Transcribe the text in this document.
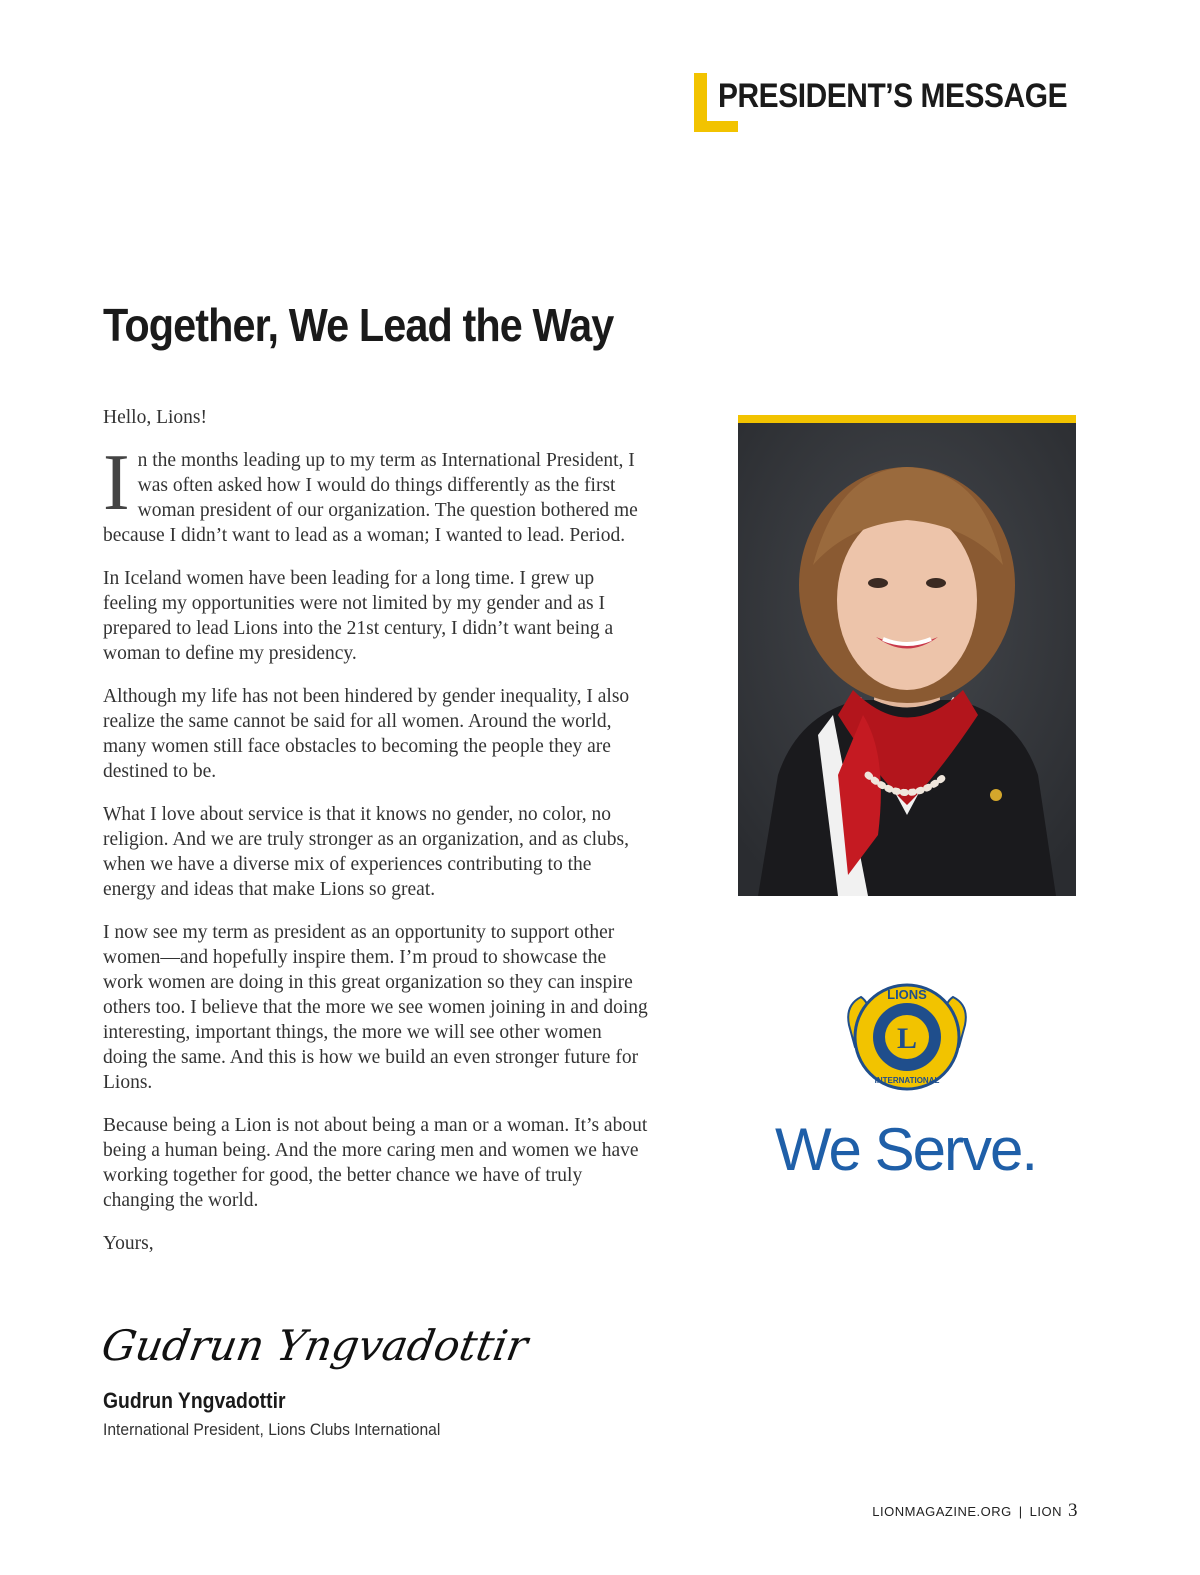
PRESIDENT’S MESSAGE
Together, We Lead the Way

Hello, Lions!

In the months leading up to my term as International President, I was often asked how I would do things differently as the first woman president of our organization. The question bothered me because I didn’t want to lead as a woman; I wanted to lead. Period.

In Iceland women have been leading for a long time. I grew up feeling my opportunities were not limited by my gender and as I prepared to lead Lions into the 21st century, I didn’t want being a woman to define my presidency.

Although my life has not been hindered by gender inequality, I also realize the same cannot be said for all women. Around the world, many women still face obstacles to becoming the people they are destined to be.

What I love about service is that it knows no gender, no color, no religion. And we are truly stronger as an organization, and as clubs, when we have a diverse mix of experiences contributing to the energy and ideas that make Lions so great.

I now see my term as president as an opportunity to support other women—and hopefully inspire them. I’m proud to showcase the work women are doing in this great organization so they can inspire others too. I believe that the more we see women joining in and doing interesting, important things, the more we will see other women doing the same. And this is how we build an even stronger future for Lions.

Because being a Lion is not about being a man or a woman. It’s about being a human being. And the more caring men and women we have working together for good, the better chance we have of truly changing the world.

Yours,

L
LIONS
INTERNATIONAL
We Serve.
Gudrun Yngvadottir
Gudrun Yngvadottir
International President, Lions Clubs International
LIONMAGAZINE.ORG | LION 3
